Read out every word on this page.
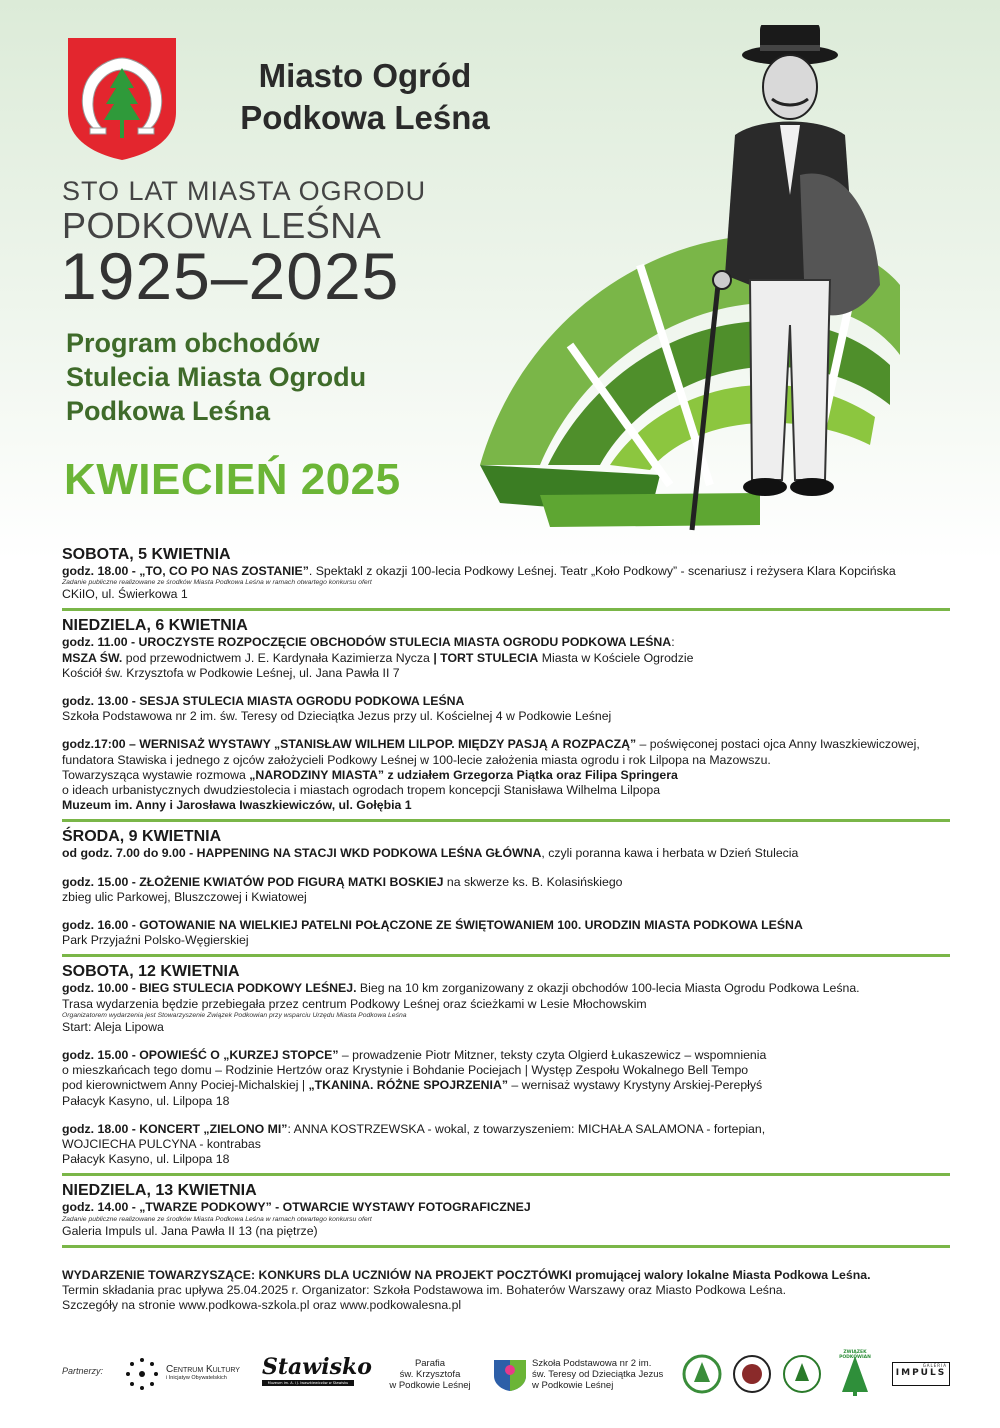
Miasto Ogród
Podkowa Leśna
STO LAT MIASTA OGRODU
PODKOWA LEŚNA
1925–2025
Program obchodów
Stulecia Miasta Ogrodu
Podkowa Leśna
KWIECIEŃ 2025
SOBOTA, 5 KWIETNIA
godz. 18.00 - „TO, CO PO NAS ZOSTANIE”. Spektakl z okazji 100-lecia Podkowy Leśnej. Teatr „Koło Podkowy” - scenariusz i reżysera Klara Kopcińska
Zadanie publiczne realizowane ze środków Miasta Podkowa Leśna w ramach otwartego konkursu ofert
CKiIO, ul. Świerkowa 1
NIEDZIELA, 6 KWIETNIA
godz. 11.00 - UROCZYSTE ROZPOCZĘCIE OBCHODÓW STULECIA MIASTA OGRODU PODKOWA LEŚNA:
MSZA ŚW. pod przewodnictwem J. E. Kardynała Kazimierza Nycza | TORT STULECIA Miasta w Kościele Ogrodzie
Kościół św. Krzysztofa w Podkowie Leśnej, ul. Jana Pawła II 7
godz. 13.00 - SESJA STULECIA MIASTA OGRODU PODKOWA LEŚNA
Szkoła Podstawowa nr 2 im. św. Teresy od Dzieciątka Jezus przy ul. Kościelnej 4 w Podkowie Leśnej
godz.17:00 – WERNISAŻ WYSTAWY „STANISŁAW WILHEM LILPOP. MIĘDZY PASJĄ A ROZPACZĄ” – poświęconej postaci ojca Anny Iwaszkiewiczowej,
fundatora Stawiska i jednego z ojców założycieli Podkowy Leśnej w 100-lecie założenia miasta ogrodu i rok Lilpopa na Mazowszu.
Towarzysząca wystawie rozmowa „NARODZINY MIASTA” z udziałem Grzegorza Piątka oraz Filipa Springera
o ideach urbanistycznych dwudziestolecia i miastach ogrodach tropem koncepcji Stanisława Wilhelma Lilpopa
Muzeum im. Anny i Jarosława Iwaszkiewiczów, ul. Gołębia 1
ŚRODA, 9 KWIETNIA
od godz. 7.00 do 9.00 - HAPPENING NA STACJI WKD PODKOWA LEŚNA GŁÓWNA, czyli poranna kawa i herbata w Dzień Stulecia
godz. 15.00 - ZŁOŻENIE KWIATÓW POD FIGURĄ MATKI BOSKIEJ na skwerze ks. B. Kolasińskiego
zbieg ulic Parkowej, Bluszczowej i Kwiatowej
godz. 16.00 - GOTOWANIE NA WIELKIEJ PATELNI POŁĄCZONE ZE ŚWIĘTOWANIEM 100. URODZIN MIASTA PODKOWA LEŚNA
Park Przyjaźni Polsko-Węgierskiej
SOBOTA, 12 KWIETNIA
godz. 10.00 - BIEG STULECIA PODKOWY LEŚNEJ. Bieg na 10 km zorganizowany z okazji obchodów 100-lecia Miasta Ogrodu Podkowa Leśna.
Trasa wydarzenia będzie przebiegała przez centrum Podkowy Leśnej oraz ścieżkami w Lesie Młochowskim
Organizatorem wydarzenia jest Stowarzyszenie Związek Podkowian przy wsparciu Urzędu Miasta Podkowa Leśna
Start: Aleja Lipowa
godz. 15.00 - OPOWIEŚĆ O „KURZEJ STOPCE” – prowadzenie Piotr Mitzner, teksty czyta Olgierd Łukaszewicz – wspomnienia
o mieszkańcach tego domu – Rodzinie Hertzów oraz Krystynie i Bohdanie Pociejach | Występ Zespołu Wokalnego Bell Tempo
pod kierownictwem Anny Pociej-Michalskiej | „TKANINA. RÓŻNE SPOJRZENIA” – wernisaż wystawy Krystyny Arskiej-Perepłyś
Pałacyk Kasyno, ul. Lilpopa 18
godz. 18.00 - KONCERT „ZIELONO MI”: ANNA KOSTRZEWSKA - wokal, z towarzyszeniem: MICHAŁA SALAMONA - fortepian,
WOJCIECHA PULCYNA - kontrabas
Pałacyk Kasyno, ul. Lilpopa 18
NIEDZIELA, 13 KWIETNIA
godz. 14.00 - „TWARZE PODKOWY” - OTWARCIE WYSTAWY FOTOGRAFICZNEJ
Zadanie publiczne realizowane ze środków Miasta Podkowa Leśna w ramach otwartego konkursu ofert
Galeria Impuls ul. Jana Pawła II 13 (na piętrze)
WYDARZENIE TOWARZYSZĄCE: KONKURS DLA UCZNIÓW NA PROJEKT POCZTÓWKI promującej walory lokalne Miasta Podkowa Leśna.
Termin składania prac upływa 25.04.2025 r. Organizator: Szkoła Podstawowa im. Bohaterów Warszawy oraz Miasto Podkowa Leśna.
Szczegóły na stronie www.podkowa-szkola.pl oraz www.podkowalesna.pl
Partnerzy:	Centrum Kultury
i Inicjatyw Obywatelskich	Stawisko
Muzeum im. A. i J. Iwaszkiewiczów w Stawisku
Parafia
św. Krzysztofa
w Podkowie Leśnej
Szkoła Podstawowa nr 2 im.
św. Teresy od Dzieciątka Jezus
w Podkowie Leśnej
ZWIĄZEK PODKOWIAN
GALERIA
IMPULS
